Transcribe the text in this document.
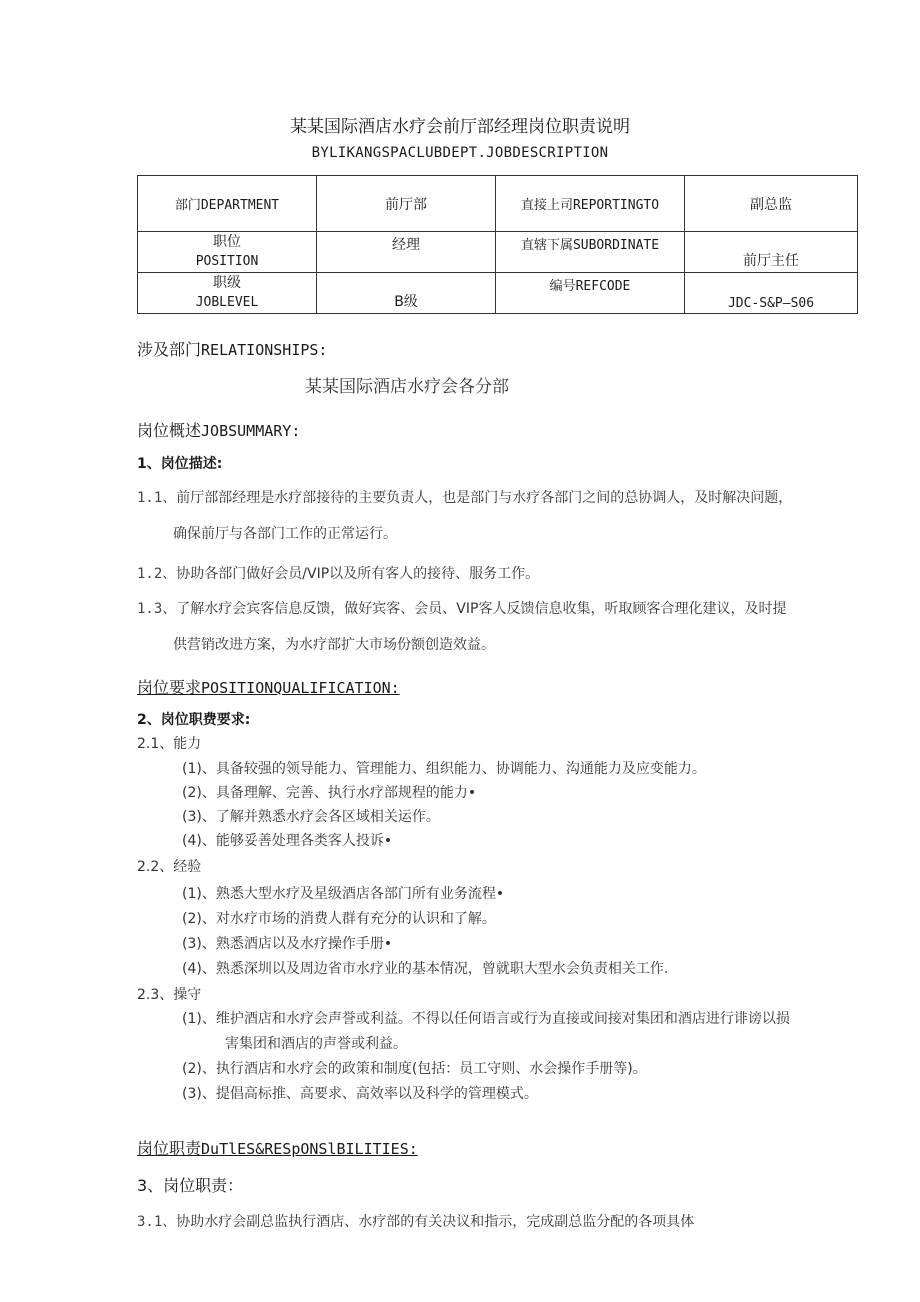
某某国际酒店水疗会前厅部经理岗位职责说明
BYLIKANGSPACLUBDEPT.JOBDESCRIPTION
部门DEPARTMENT	前厅部	直接上司REPORTINGTO	副总监

职位
POSITION	经理	直辖下属SUBORDINATE	前厅主任

职级
JOBLEVEL	B级	编号REFCODE	JDC-S&P—S06
涉及部门RELATIONSHIPS:
某某国际酒店水疗会各分部
岗位概述JOBSUMMARY:
1、岗位描述:
1.1、前厅部部经理是水疗部接待的主要负责人，也是部门与水疗各部门之间的总协调人，及时解决问题，
确保前厅与各部门工作的正常运行。
1.2、协助各部门做好会员/VIP以及所有客人的接待、服务工作。
1.3、了解水疗会宾客信息反馈，做好宾客、会员、VIP客人反馈信息收集，听取顾客合理化建议，及时提
供营销改进方案，为水疗部扩大市场份额创造效益。
岗位要求POSITIONQUALIFICATION:
2、岗位职费要求:
2.1、能力
(1)、具备较强的领导能力、管理能力、组织能力、协调能力、沟通能力及应变能力。
(2)、具备理解、完善、执行水疗部规程的能力•
(3)、了解并熟悉水疗会各区域相关运作。
(4)、能够妥善处理各类客人投诉•
2.2、经验
(1)、熟悉大型水疗及星级酒店各部门所有业务流程•
(2)、对水疗市场的消费人群有充分的认识和了解。
(3)、熟悉酒店以及水疗操作手册•
(4)、熟悉深圳以及周边省市水疗业的基本情况，曾就职大型水会负责相关工作.
2.3、操守
(1)、维护酒店和水疗会声誉或利益。不得以任何语言或行为直接或间接对集团和酒店进行诽谤以损
害集团和酒店的声誉或利益。
(2)、执行酒店和水疗会的政策和制度(包括：员工守则、水会操作手册等)。
(3)、提倡高标推、高要求、高效率以及科学的管理模式。
岗位职责DuTlES&RESpONSlBILITIES:
3、岗位职责：
3.1、协助水疗会副总监执行酒店、水疗部的有关决议和指示，完成副总监分配的各项具体
